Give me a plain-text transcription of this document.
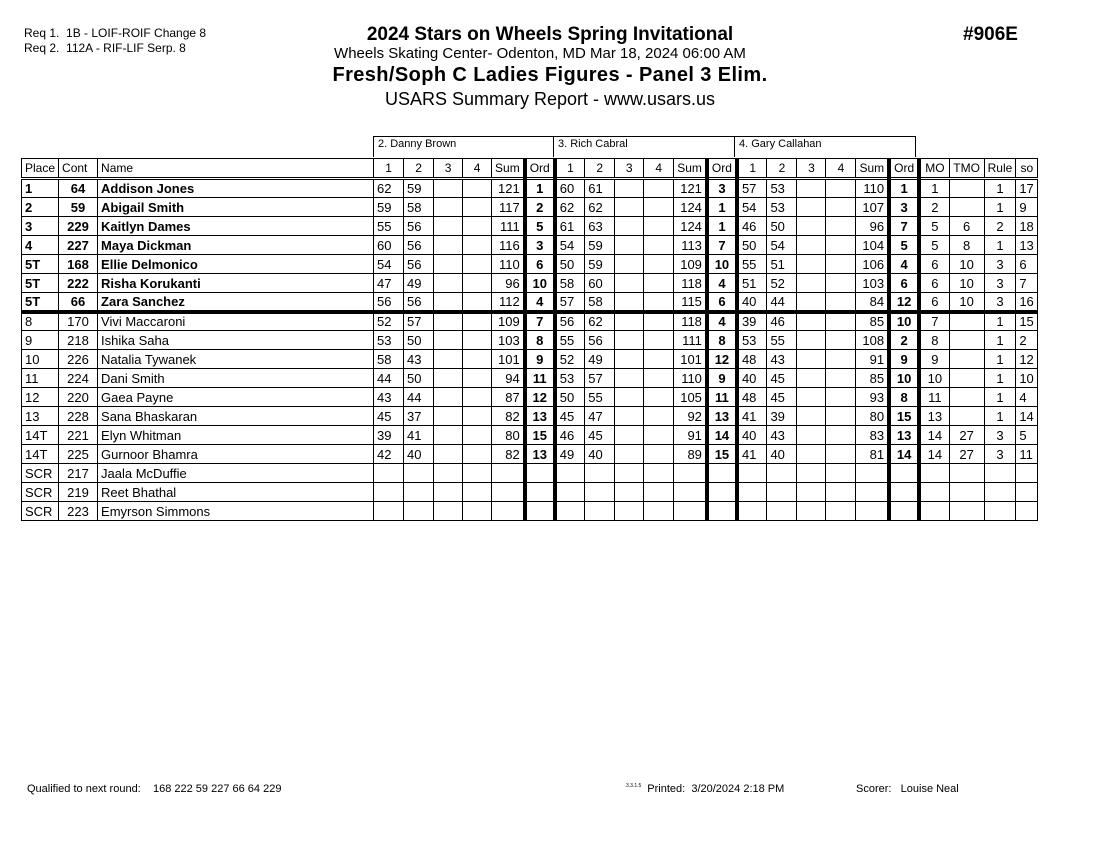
Req 1. 1B - LOIF-ROIF Change 8
Req 2. 112A - RIF-LIF Serp. 8
2024 Stars on Wheels Spring Invitational
Wheels Skating Center- Odenton, MD Mar 18, 2024 06:00 AM
Fresh/Soph C Ladies Figures - Panel 3 Elim.
USARS Summary Report - www.usars.us
#906E
2. Danny Brown	3. Rich Cabral	4. Gary Callahan
Place	Cont	Name	1	2	3	4	Sum	Ord	1	2	3	4	Sum	Ord	1	2	3	4	Sum	Ord	MO	TMO	Rule	so
1	64	Addison Jones	62	59			121	1	60	61			121	3	57	53			110	1	1		1	17
2	59	Abigail Smith	59	58			117	2	62	62			124	1	54	53			107	3	2		1	9
3	229	Kaitlyn Dames	55	56			111	5	61	63			124	1	46	50			96	7	5	6	2	18
4	227	Maya Dickman	60	56			116	3	54	59			113	7	50	54			104	5	5	8	1	13
5T	168	Ellie Delmonico	54	56			110	6	50	59			109	10	55	51			106	4	6	10	3	6
5T	222	Risha Korukanti	47	49			96	10	58	60			118	4	51	52			103	6	6	10	3	7
5T	66	Zara Sanchez	56	56			112	4	57	58			115	6	40	44			84	12	6	10	3	16
8	170	Vivi Maccaroni	52	57			109	7	56	62			118	4	39	46			85	10	7		1	15
9	218	Ishika Saha	53	50			103	8	55	56			111	8	53	55			108	2	8		1	2
10	226	Natalia Tywanek	58	43			101	9	52	49			101	12	48	43			91	9	9		1	12
11	224	Dani Smith	44	50			94	11	53	57			110	9	40	45			85	10	10		1	10
12	220	Gaea Payne	43	44			87	12	50	55			105	11	48	45			93	8	11		1	4
13	228	Sana Bhaskaran	45	37			82	13	45	47			92	13	41	39			80	15	13		1	14
14T	221	Elyn Whitman	39	41			80	15	46	45			91	14	40	43			83	13	14	27	3	5
14T	225	Gurnoor Bhamra	42	40			82	13	49	40			89	15	41	40			81	14	14	27	3	11
SCR	217	Jaala McDuffie																						
SCR	219	Reet Bhathal																						
SCR	223	Emyrson Simmons																						
Qualified to next round: 168 222 59 227 66 64 229	$^{3.3.1.5}$ Printed: 3/20/2024 2:18 PM	Scorer: Louise Neal
